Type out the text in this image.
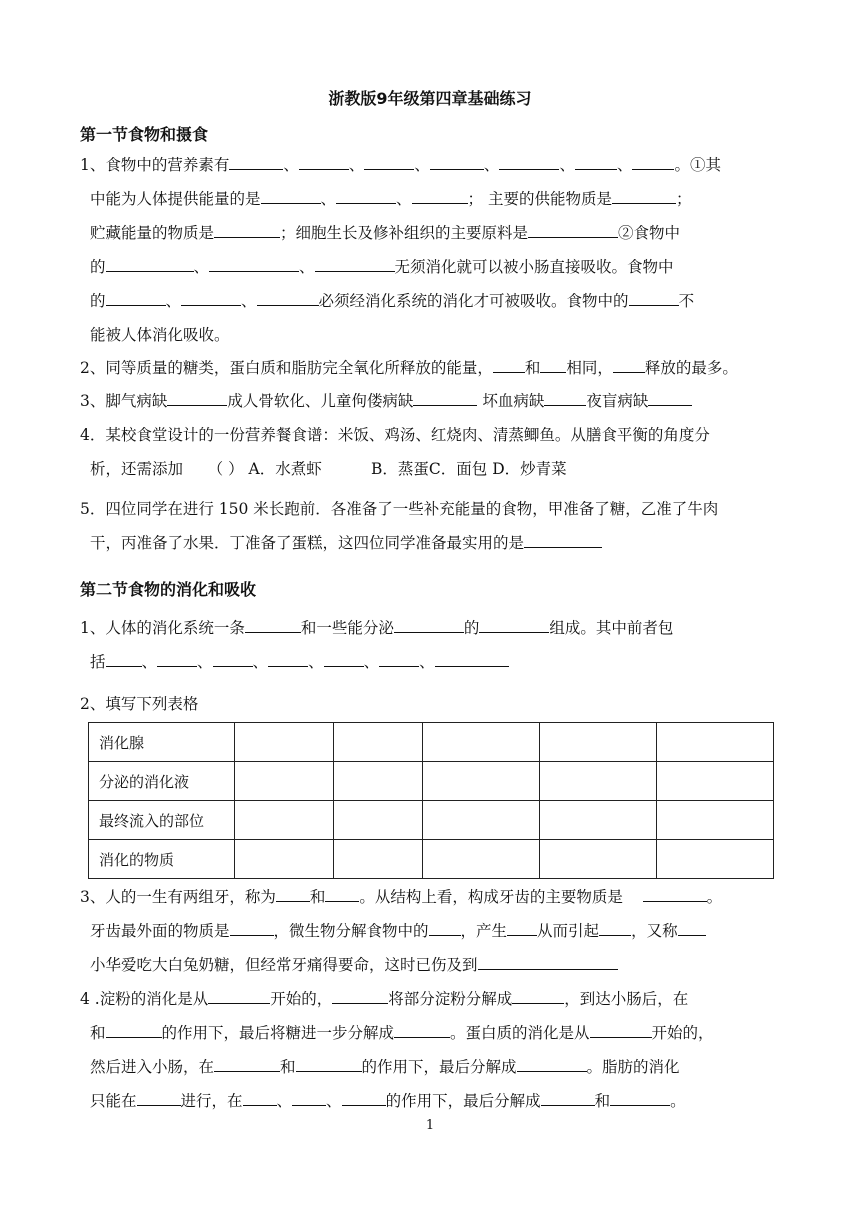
浙教版9年级第四章基础练习
第一节食物和摄食

1、食物中的营养素有	、	、	、	、	、	、	。①其

中能为人体提供能量的是	、	、	； 主要的供能物质是	；

贮藏能量的物质是	；细胞生长及修补组织的主要原料是	②食物中

的	、	、	无须消化就可以被小肠直接吸收。食物中

的	、	、	必须经消化系统的消化才可被吸收。食物中的	不

能被人体消化吸收。

2、同等质量的糖类，蛋白质和脂肪完全氧化所释放的能量， 和 相同， 释放的最多。

3、脚气病缺	成人骨软化、儿童佝偻病缺	坏血病缺	夜盲病缺

4．某校食堂设计的一份营养餐食谱：米饭、鸡汤、红烧肉、清蒸鲫鱼。从膳食平衡的角度分

析，还需添加 （ ） A．水煮虾	B．蒸蛋C．面包 D．炒青菜

5．四位同学在进行 150 米长跑前．各准备了一些补充能量的食物，甲准备了糖，乙准了牛肉

干，丙准备了水果．丁准备了蛋糕，这四位同学准备最实用的是

第二节食物的消化和吸收

1、人体的消化系统一条	和一些能分泌	的	组成。其中前者包

括 、	、	、	、	、	、

2、填写下列表格

消化腺					
分泌的消化液					
最终流入的部位					
消化的物质					

3、人的一生有两组牙，称为 和 。从结构上看，构成牙齿的主要物质是	。

牙齿最外面的物质是	，微生物分解食物中的 ，产生 从而引起 ，又称

小华爱吃大白兔奶糖，但经常牙痛得要命，这时已伤及到

4 .淀粉的消化是从	开始的，	将部分淀粉分解成	，到达小肠后，在

和	的作用下，最后将糖进一步分解成	。蛋白质的消化是从	开始的，

然后进入小肠，在	和	的作用下，最后分解成	。脂肪的消化

只能在	进行，在 、 、	的作用下，最后分解成	和	。

1
